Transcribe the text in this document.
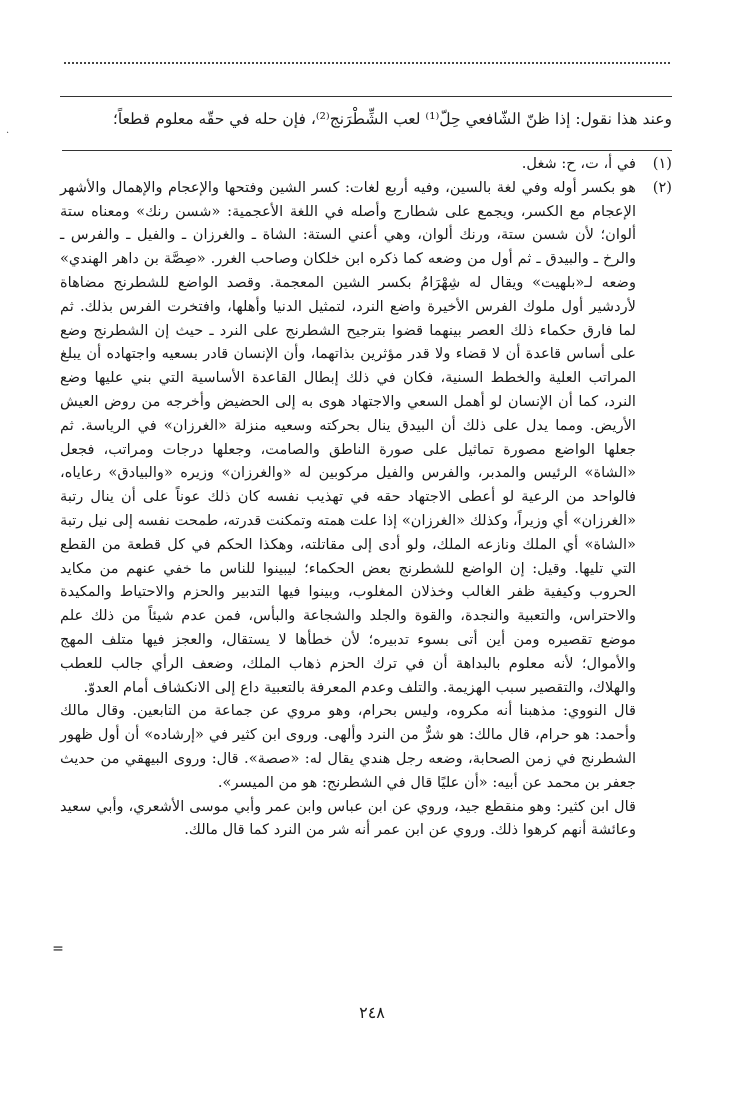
·
وعند هذا نقول: إذا ظنّ الشّافعي حِلّ⁽¹⁾ لعب الشِّطْرَنج⁽²⁾، فإن حله في حقّه معلوم قطعاً؛
(١)

في أ، ت، ح: شغل.

(٢)

هو بكسر أوله وفي لغة بالسين، وفيه أربع لغات: كسر الشين وفتحها والإعجام والإهمال والأشهر الإعجام مع الكسر، ويجمع على شطارج وأصله في اللغة الأعجمية: «شسن رنك» ومعناه ستة ألوان؛ لأن شسن ستة، ورنك ألوان، وهي أعني الستة: الشاة ـ والغرزان ـ والفيل ـ والفرس ـ والرخ ـ والبيدق ـ ثم أول من وضعه كما ذكره ابن خلكان وصاحب الغرر. «صِصَّة بن داهر الهندي» وضعه لـ«بلهيت» ويقال له شِهْرَامُ بكسر الشين المعجمة. وقصد الواضع للشطرنج مضاهاة لأردشير أول ملوك الفرس الأخيرة واضع النرد، لتمثيل الدنيا وأهلها، وافتخرت الفرس بذلك. ثم لما فارق حكماء ذلك العصر بينهما قضوا بترجيح الشطرنج على النرد ـ حيث إن الشطرنج وضع على أساس قاعدة أن لا قضاء ولا قدر مؤثرين بذاتهما، وأن الإنسان قادر بسعيه واجتهاده أن يبلغ المراتب العلية والخطط السنية، فكان في ذلك إبطال القاعدة الأساسية التي بني عليها وضع النرد، كما أن الإنسان لو أهمل السعي والاجتهاد هوى به إلى الحضيض وأخرجه من روض العيش الأريض. ومما يدل على ذلك أن البيدق ينال بحركته وسعيه منزلة «الغرزان» في الرياسة. ثم جعلها الواضع مصورة تماثيل على صورة الناطق والصامت، وجعلها درجات ومراتب، فجعل «الشاة» الرئيس والمدبر، والفرس والفيل مركوبين له «والغرزان» وزيره «والبيادق» رعاياه، فالواحد من الرعية لو أعطى الاجتهاد حقه في تهذيب نفسه كان ذلك عوناً على أن ينال رتبة «الغرزان» أي وزيراً، وكذلك «الغرزان» إذا علت همته وتمكنت قدرته، طمحت نفسه إلى نيل رتبة «الشاة» أي الملك ونازعه الملك، ولو أدى إلى مقاتلته، وهكذا الحكم في كل قطعة من القطع التي تليها. وقيل: إن الواضع للشطرنج بعض الحكماء؛ ليبينوا للناس ما خفي عنهم من مكايد الحروب وكيفية ظفر الغالب وخذلان المغلوب، وبينوا فيها التدبير والحزم والاحتياط والمكيدة والاحتراس، والتعبية والنجدة، والقوة والجلد والشجاعة والبأس، فمن عدم شيئاً من ذلك علم موضع تقصيره ومن أين أتى بسوء تدبيره؛ لأن خطأها لا يستقال، والعجز فيها متلف المهج والأموال؛ لأنه معلوم بالبداهة أن في ترك الحزم ذهاب الملك، وضعف الرأي جالب للعطب والهلاك، والتقصير سبب الهزيمة. والتلف وعدم المعرفة بالتعبية داع إلى الانكشاف أمام العدوّ.

قال النووي: مذهبنا أنه مكروه، وليس بحرام، وهو مروي عن جماعة من التابعين. وقال مالك وأحمد: هو حرام، قال مالك: هو شرٌّ من النرد وألهى. وروى ابن كثير في «إرشاده» أن أول ظهور الشطرنج في زمن الصحابة، وضعه رجل هندي يقال له: «صصة». قال: وروى البيهقي من حديث جعفر بن محمد عن أبيه: «أن عليًا قال في الشطرنج: هو من الميسر».

قال ابن كثير: وهو منقطع جيد، وروي عن ابن عباس وابن عمر وأبي موسى الأشعري، وأبي سعيد وعائشة أنهم كرهوا ذلك. وروي عن ابن عمر أنه شر من النرد كما قال مالك.

=
٢٤٨
